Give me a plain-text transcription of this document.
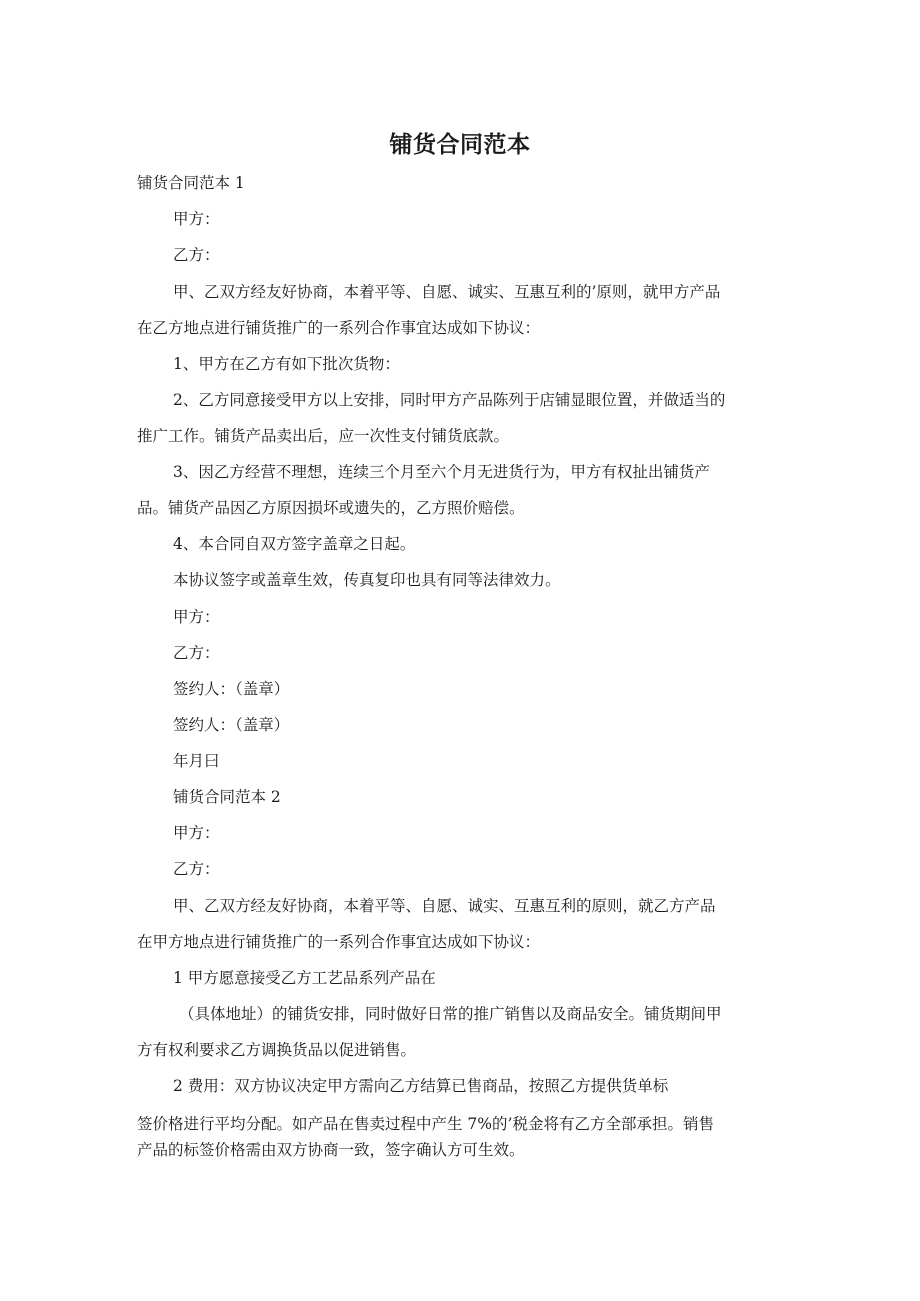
铺货合同范本

铺货合同范本 1

甲方：

乙方：

甲、乙双方经友好协商，本着平等、自愿、诚实、互惠互利的’原则，就甲方产品

在乙方地点进行铺货推广的一系列合作事宜达成如下协议：

1、甲方在乙方有如下批次货物：

2、乙方同意接受甲方以上安排，同时甲方产品陈列于店铺显眼位置，并做适当的

推广工作。铺货产品卖出后，应一次性支付铺货底款。

3、因乙方经营不理想，连续三个月至六个月无进货行为，甲方有权扯出铺货产

品。铺货产品因乙方原因损坏或遗失的，乙方照价赔偿。

4、本合同自双方签字盖章之日起。

本协议签字或盖章生效，传真复印也具有同等法律效力。

甲方：

乙方：

签约人：（盖章）

签约人：（盖章）

年月曰

铺货合同范本 2

甲方：

乙方：

甲、乙双方经友好协商，本着平等、自愿、诚实、互惠互利的原则，就乙方产品

在甲方地点进行铺货推广的一系列合作事宜达成如下协议：

1 甲方愿意接受乙方工艺品系列产品在

（具体地址）的铺货安排，同时做好日常的推广销售以及商品安全。铺货期间甲

方有权利要求乙方调换货品以促进销售。

2 费用：双方协议决定甲方需向乙方结算已售商品，按照乙方提供货单标

签价格进行平均分配。如产品在售卖过程中产生 7%的’税金将有乙方全部承担。销售

产品的标签价格需由双方协商一致，签字确认方可生效。
